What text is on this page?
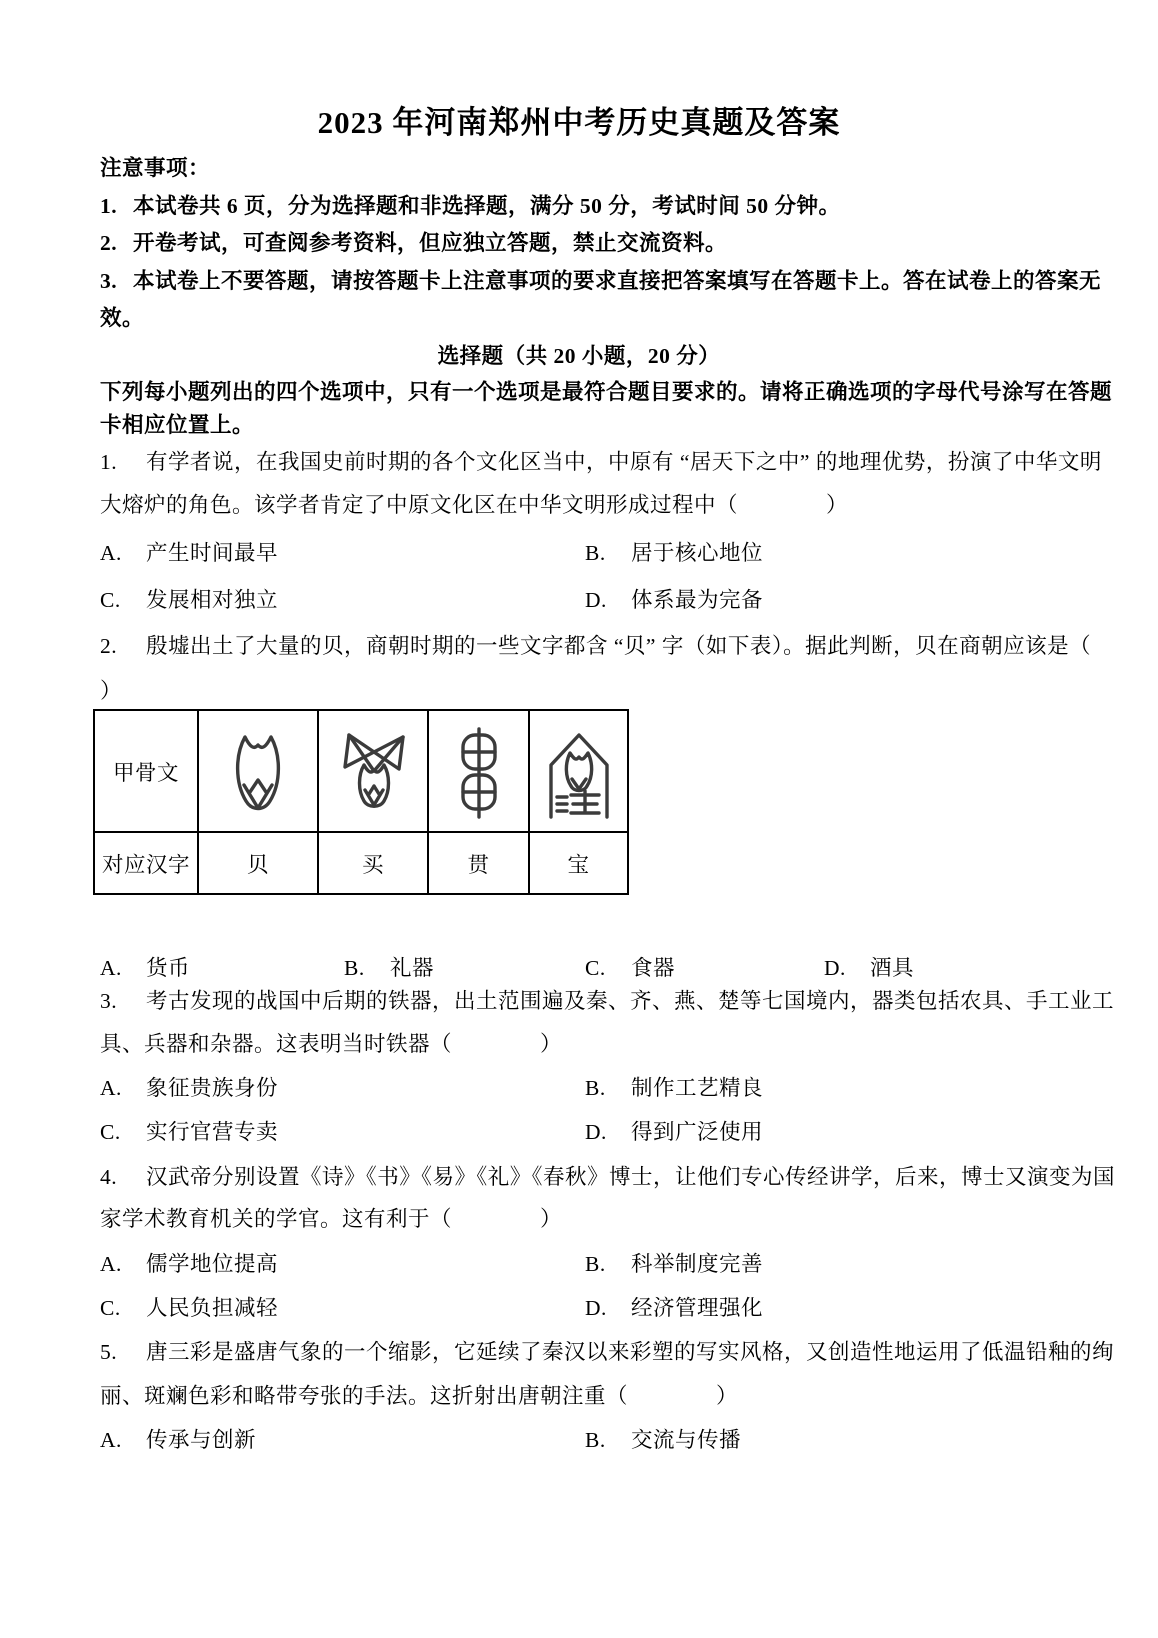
2023 年河南郑州中考历史真题及答案
注意事项：
1. 本试卷共 6 页，分为选择题和非选择题，满分 50 分，考试时间 50 分钟。
2. 开卷考试，可查阅参考资料，但应独立答题，禁止交流资料。
3. 本试卷上不要答题，请按答题卡上注意事项的要求直接把答案填写在答题卡上。答在试卷上的答案无
效。
选择题（共 20 小题，20 分）
下列每小题列出的四个选项中，只有一个选项是最符合题目要求的。请将正确选项的字母代号涂写在答题
卡相应位置上。
1. 有学者说，在我国史前时期的各个文化区当中，中原有 “居天下之中” 的地理优势，扮演了中华文明
大熔炉的角色。该学者肯定了中原文化区在中华文明形成过程中（　　　　）

A. 产生时间最早

	B. 居于核心地位

C. 发展相对独立

	D. 体系最为完备

2. 殷墟出土了大量的贝，商朝时期的一些文字都含 “贝” 字（如下表）。据此判断，贝在商朝应该是（
）
甲骨文	

对应汉字	贝	买	贯	宝

A. 货币

	B. 礼器

	C. 食器

	D. 酒具

3. 考古发现的战国中后期的铁器，出土范围遍及秦、齐、燕、楚等七国境内，器类包括农具、手工业工
具、兵器和杂器。这表明当时铁器（　　　　）

A. 象征贵族身份

	B. 制作工艺精良

C. 实行官营专卖

	D. 得到广泛使用

4. 汉武帝分别设置《诗》《书》《易》《礼》《春秋》博士，让他们专心传经讲学，后来，博士又演变为国
家学术教育机关的学官。这有利于（　　　　）

A. 儒学地位提高

	B. 科举制度完善

C. 人民负担减轻

	D. 经济管理强化

5. 唐三彩是盛唐气象的一个缩影，它延续了秦汉以来彩塑的写实风格，又创造性地运用了低温铅釉的绚
丽、斑斓色彩和略带夸张的手法。这折射出唐朝注重（　　　　）

A. 传承与创新

	B. 交流与传播
